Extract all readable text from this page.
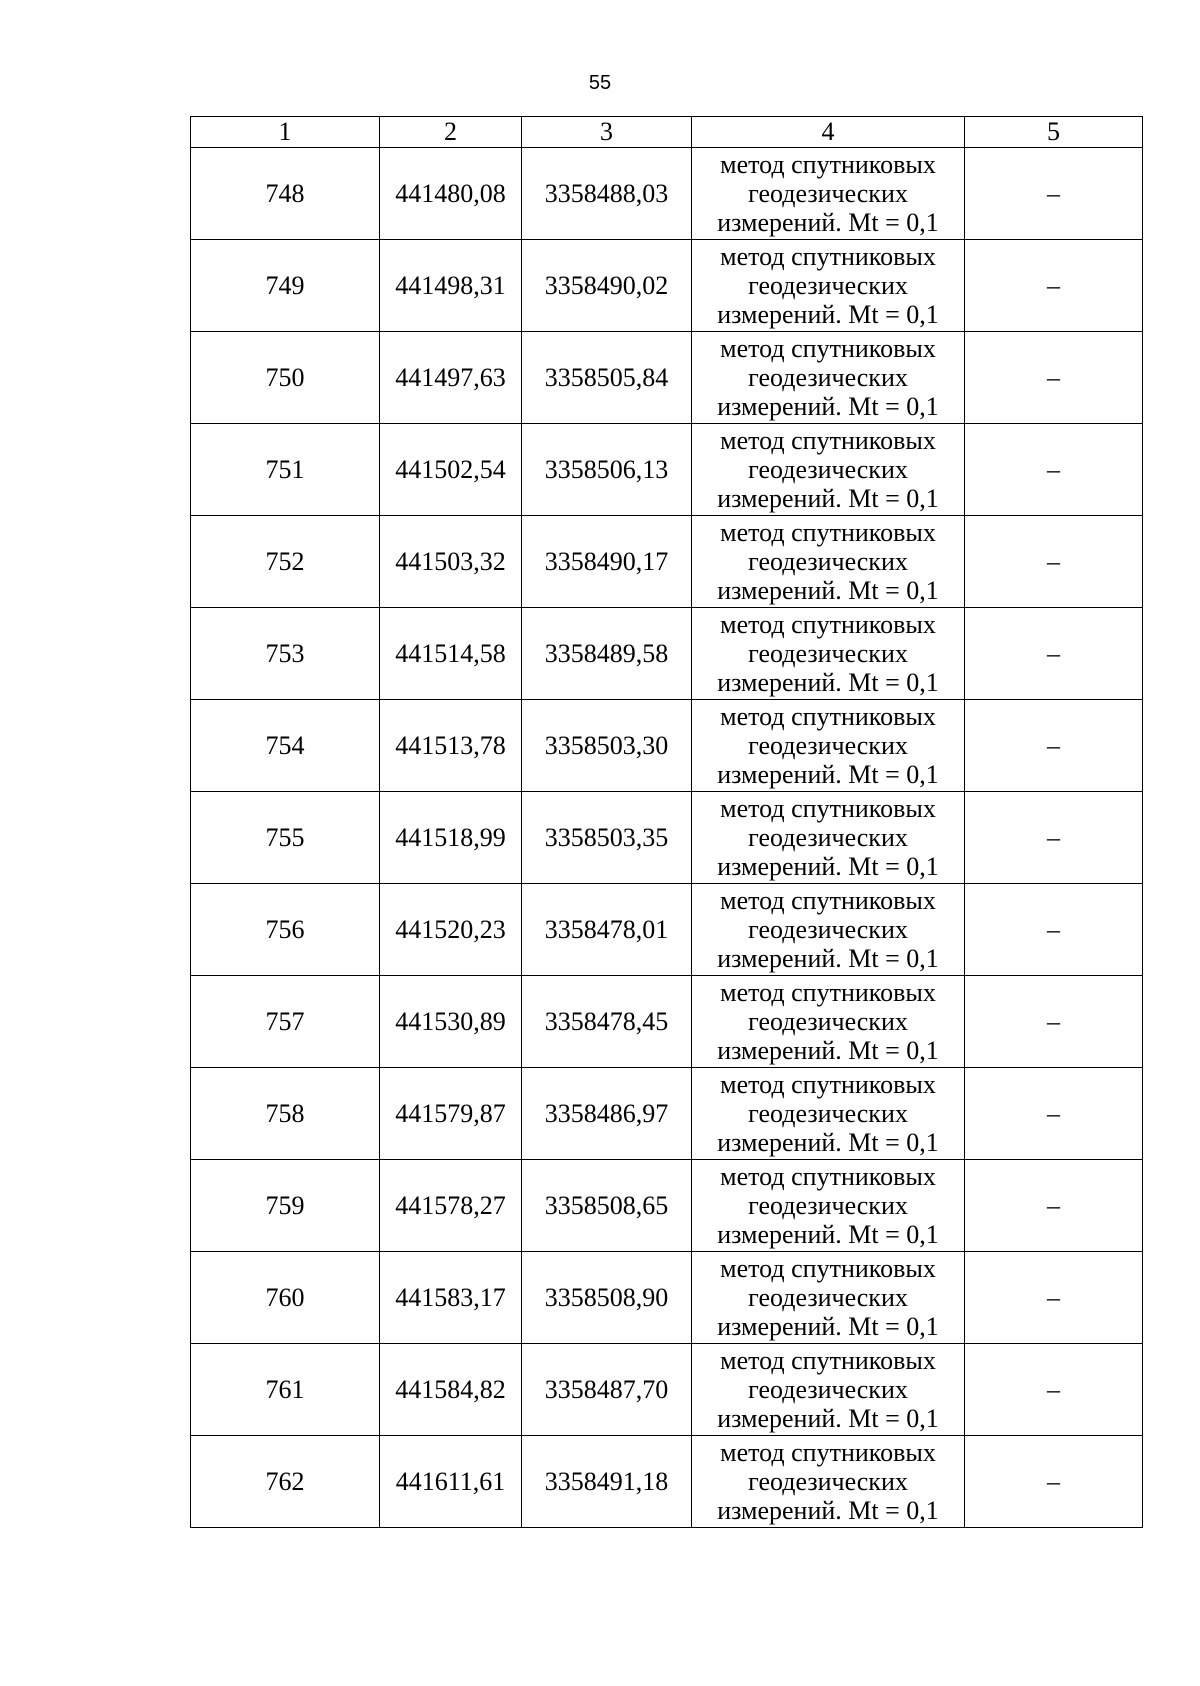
55
1	2	3	4	5
748	441480,08	3358488,03	метод спутниковых
геодезических
измерений. Mt = 0,1	–
749	441498,31	3358490,02	метод спутниковых
геодезических
измерений. Mt = 0,1	–
750	441497,63	3358505,84	метод спутниковых
геодезических
измерений. Mt = 0,1	–
751	441502,54	3358506,13	метод спутниковых
геодезических
измерений. Mt = 0,1	–
752	441503,32	3358490,17	метод спутниковых
геодезических
измерений. Mt = 0,1	–
753	441514,58	3358489,58	метод спутниковых
геодезических
измерений. Mt = 0,1	–
754	441513,78	3358503,30	метод спутниковых
геодезических
измерений. Mt = 0,1	–
755	441518,99	3358503,35	метод спутниковых
геодезических
измерений. Mt = 0,1	–
756	441520,23	3358478,01	метод спутниковых
геодезических
измерений. Mt = 0,1	–
757	441530,89	3358478,45	метод спутниковых
геодезических
измерений. Mt = 0,1	–
758	441579,87	3358486,97	метод спутниковых
геодезических
измерений. Mt = 0,1	–
759	441578,27	3358508,65	метод спутниковых
геодезических
измерений. Mt = 0,1	–
760	441583,17	3358508,90	метод спутниковых
геодезических
измерений. Mt = 0,1	–
761	441584,82	3358487,70	метод спутниковых
геодезических
измерений. Mt = 0,1	–
762	441611,61	3358491,18	метод спутниковых
геодезических
измерений. Mt = 0,1	–
